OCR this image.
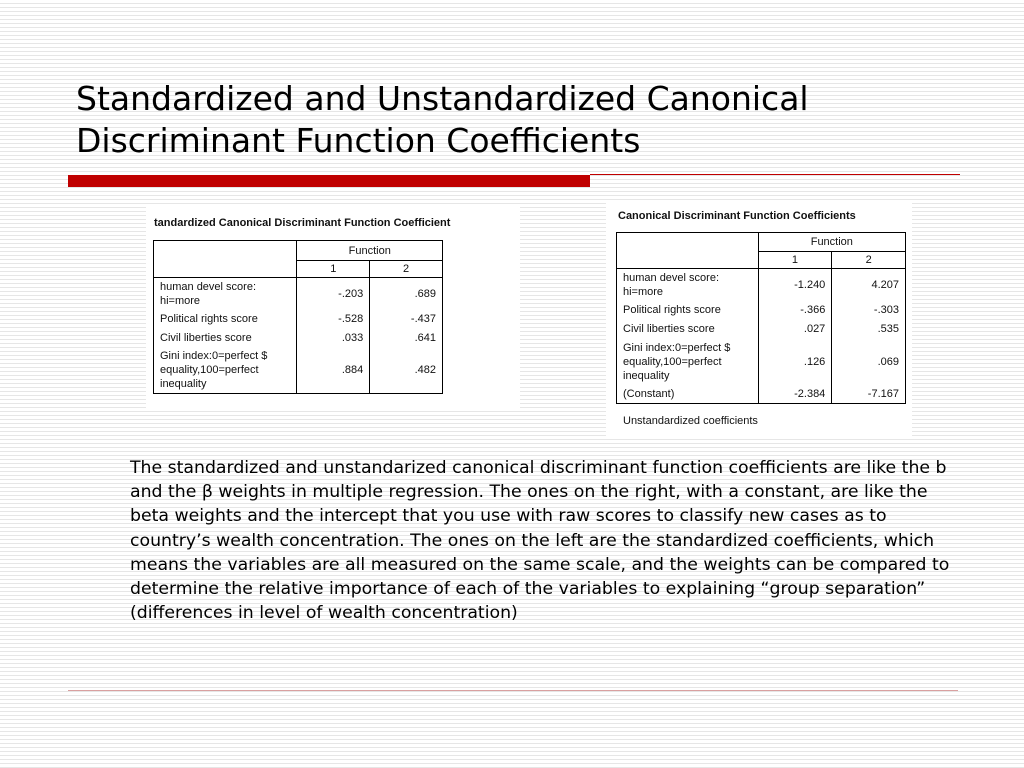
Standardized and Unstandardized Canonical Discriminant Function Coefficients
tandardized Canonical Discriminant Function Coefficient
	Function	
	1	2
human devel score: hi=more	-.203	.689
Political rights score	-.528	-.437
Civil liberties score	.033	.641
Gini index:0=perfect $ equality,100=perfect inequality	.884	.482
Canonical Discriminant Function Coefficients
	Function	
	1	2
human devel score: hi=more	-1.240	4.207
Political rights score	-.366	-.303
Civil liberties score	.027	.535
Gini index:0=perfect $ equality,100=perfect inequality	.126	.069
(Constant)	-2.384	-7.167
Unstandardized coefficients

The standardized and unstandarized canonical discriminant function coefficients are like the b and the β weights in multiple regression. The ones on the right, with a constant, are like the beta weights and the intercept that you use with raw scores to classify new cases as to country’s wealth concentration. The ones on the left are the standardized coefficients, which means the variables are all measured on the same scale, and the weights can be compared to determine the relative importance of each of the variables to explaining “group separation” (differences in level of wealth concentration)
